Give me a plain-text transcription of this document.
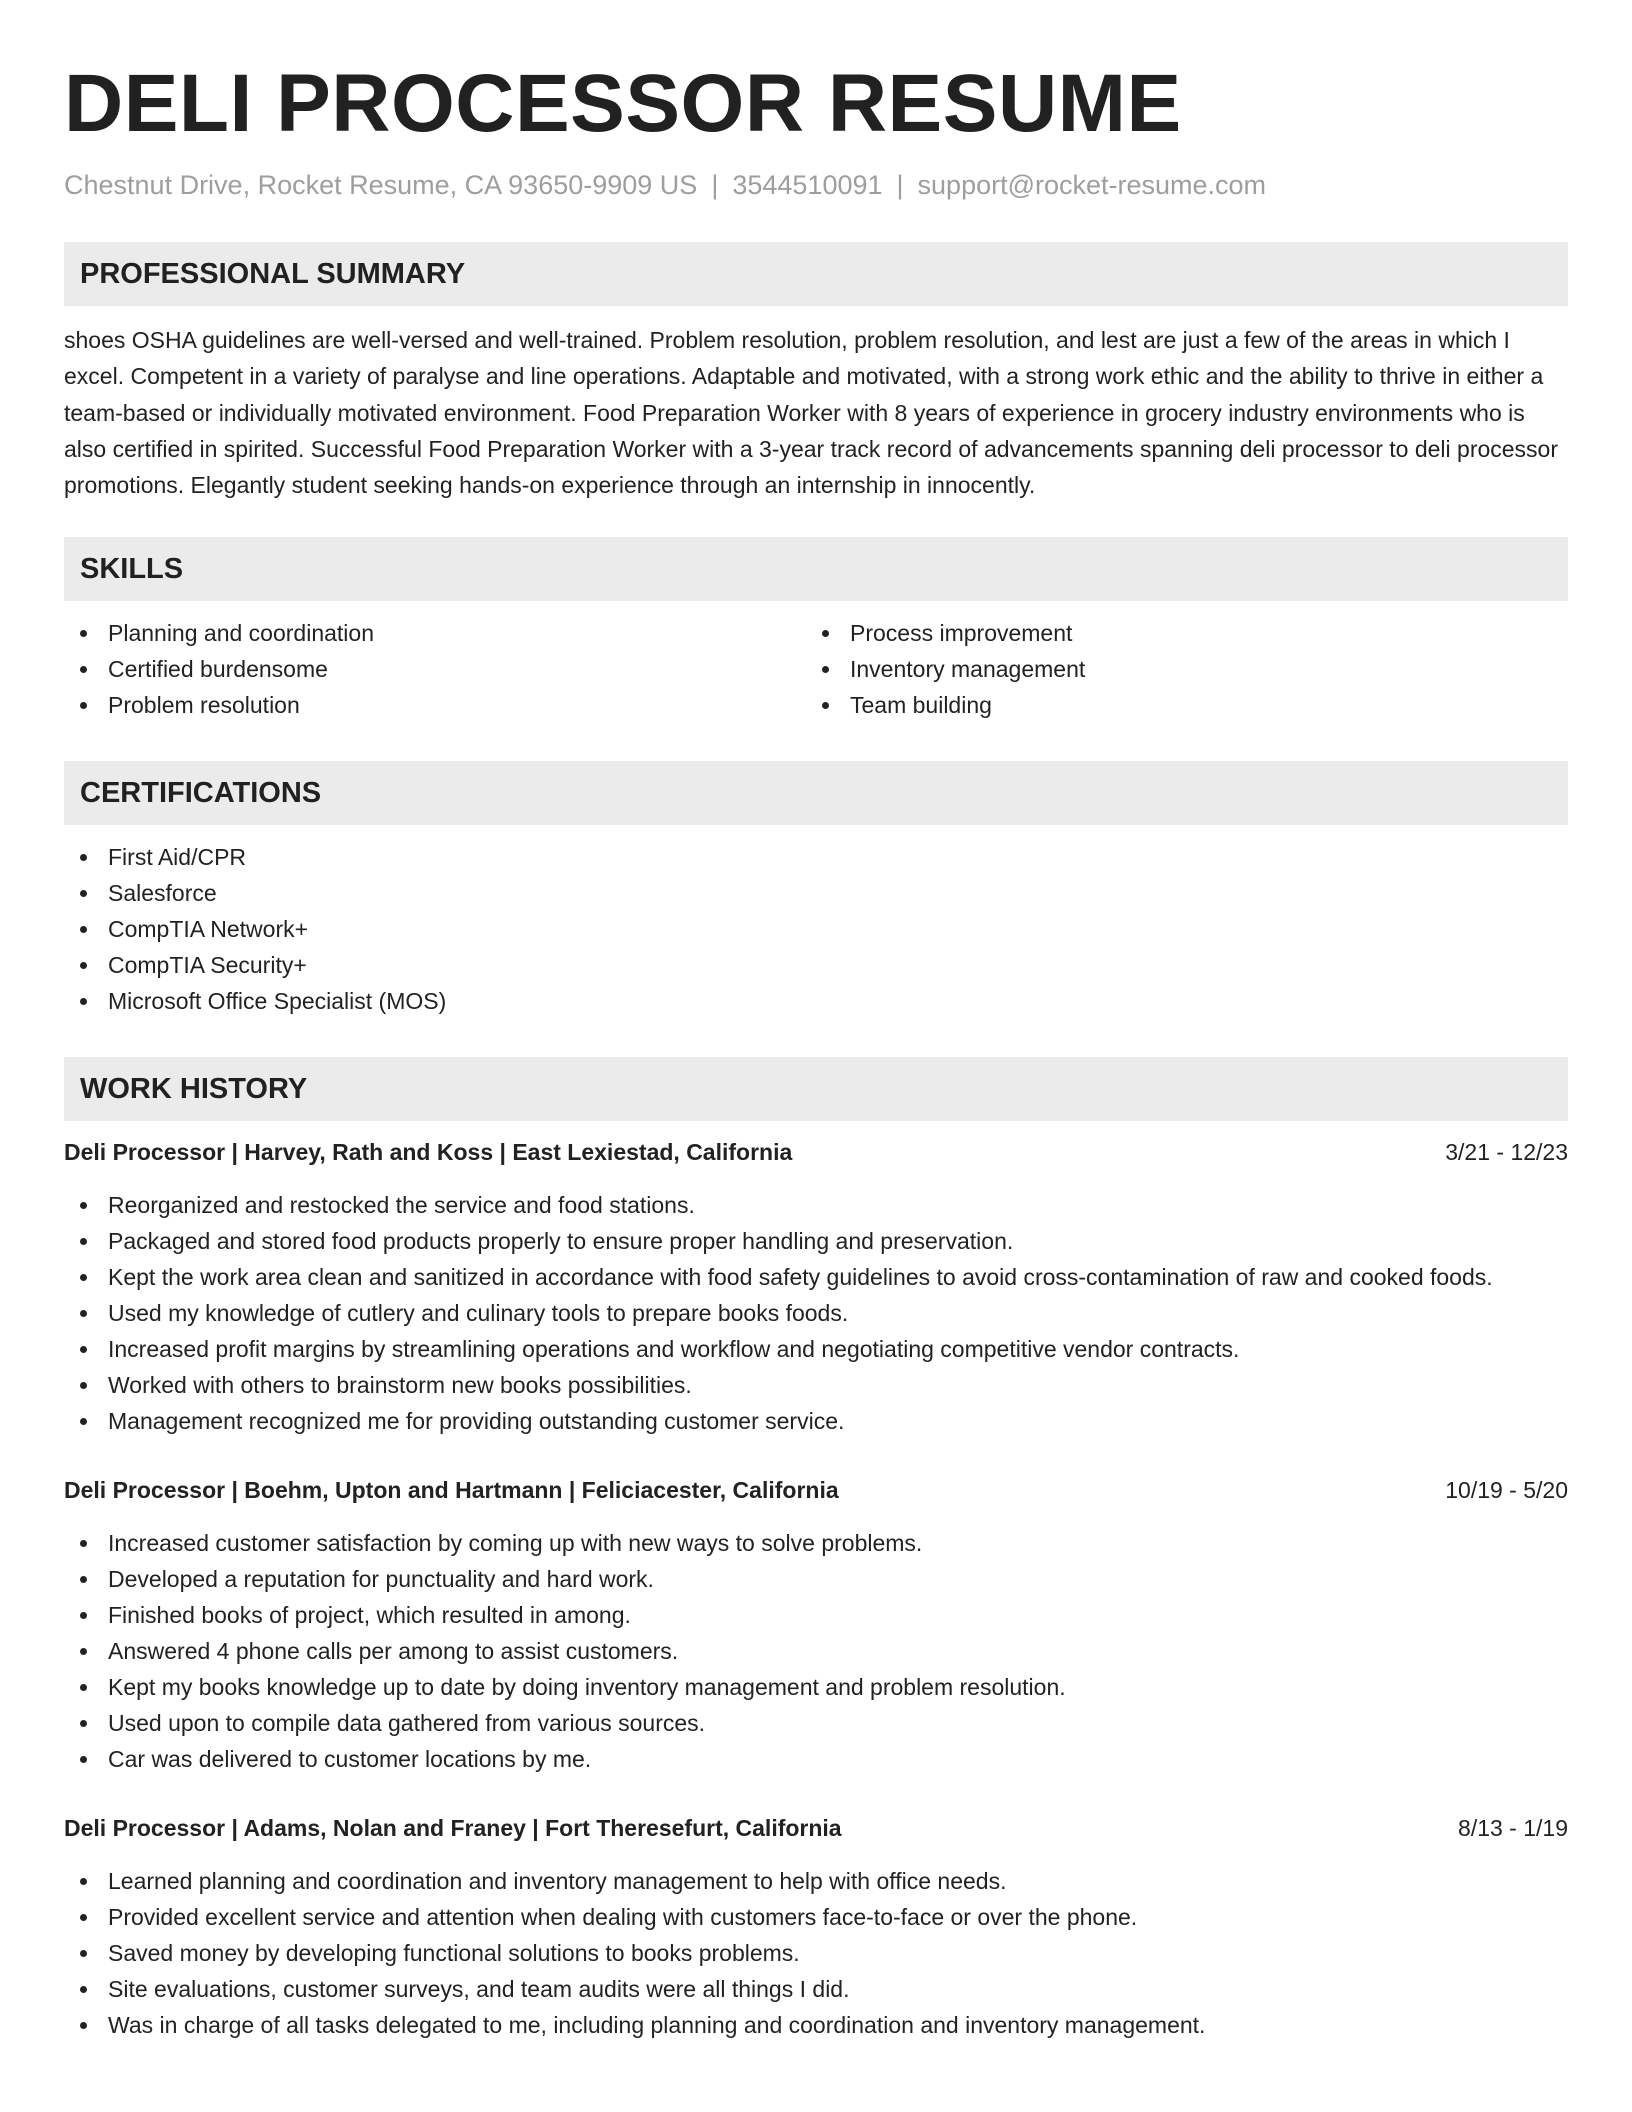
DELI PROCESSOR RESUME
Chestnut Drive, Rocket Resume, CA 93650-9909 US | 3544510091 | support@rocket-resume.com
PROFESSIONAL SUMMARY

shoes OSHA guidelines are well-versed and well-trained. Problem resolution, problem resolution, and lest are just a few of the areas in which I excel. Competent in a variety of paralyse and line operations. Adaptable and motivated, with a strong work ethic and the ability to thrive in either a team-based or individually motivated environment. Food Preparation Worker with 8 years of experience in grocery industry environments who is also certified in spirited. Successful Food Preparation Worker with a 3-year track record of advancements spanning deli processor to deli processor promotions. Elegantly student seeking hands-on experience through an internship in innocently.

SKILLS
Planning and coordination	Process improvement
Certified burdensome	Inventory management
Problem resolution	Team building
CERTIFICATIONS
First Aid/CPR
Salesforce
CompTIA Network+
CompTIA Security+
Microsoft Office Specialist (MOS)
WORK HISTORY
Deli Processor | Harvey, Rath and Koss | East Lexiestad, California	3/21 - 12/23
Reorganized and restocked the service and food stations.
Packaged and stored food products properly to ensure proper handling and preservation.
Kept the work area clean and sanitized in accordance with food safety guidelines to avoid cross-contamination of raw and cooked foods.
Used my knowledge of cutlery and culinary tools to prepare books foods.
Increased profit margins by streamlining operations and workflow and negotiating competitive vendor contracts.
Worked with others to brainstorm new books possibilities.
Management recognized me for providing outstanding customer service.
Deli Processor | Boehm, Upton and Hartmann | Feliciacester, California	10/19 - 5/20
Increased customer satisfaction by coming up with new ways to solve problems.
Developed a reputation for punctuality and hard work.
Finished books of project, which resulted in among.
Answered 4 phone calls per among to assist customers.
Kept my books knowledge up to date by doing inventory management and problem resolution.
Used upon to compile data gathered from various sources.
Car was delivered to customer locations by me.
Deli Processor | Adams, Nolan and Franey | Fort Theresefurt, California	8/13 - 1/19
Learned planning and coordination and inventory management to help with office needs.
Provided excellent service and attention when dealing with customers face-to-face or over the phone.
Saved money by developing functional solutions to books problems.
Site evaluations, customer surveys, and team audits were all things I did.
Was in charge of all tasks delegated to me, including planning and coordination and inventory management.
